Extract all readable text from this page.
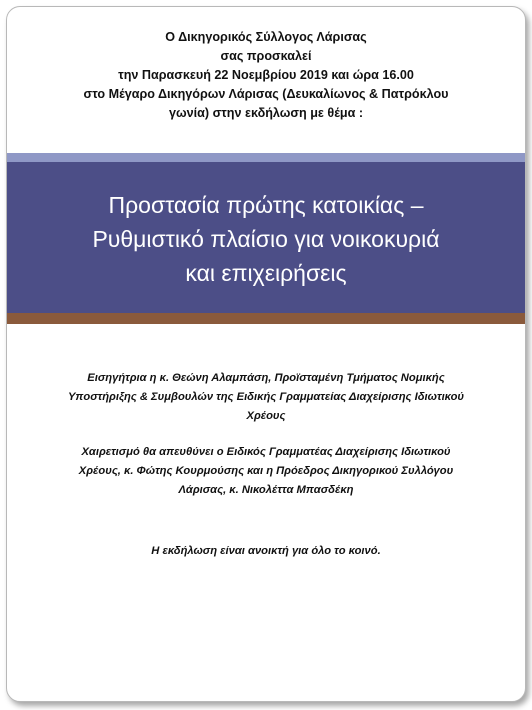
Ο Δικηγορικός Σύλλογος Λάρισας
σας προσκαλεί
την Παρασκευή 22 Νοεμβρίου 2019 και ώρα 16.00
στο Μέγαρο Δικηγόρων Λάρισας (Δευκαλίωνος & Πατρόκλου
γωνία) στην εκδήλωση με θέμα :
Προστασία πρώτης κατοικίας –
Ρυθμιστικό πλαίσιο για νοικοκυριά
και επιχειρήσεις
Εισηγήτρια η κ. Θεώνη Αλαμπάση, Προϊσταμένη Τμήματος Νομικής
Υποστήριξης & Συμβουλών της Ειδικής Γραμματείας Διαχείρισης Ιδιωτικού
Χρέους
Χαιρετισμό θα απευθύνει ο Ειδικός Γραμματέας Διαχείρισης Ιδιωτικού
Χρέους, κ. Φώτης Κουρμούσης και η Πρόεδρος Δικηγορικού Συλλόγου
Λάρισας, κ. Νικολέττα Μπασδέκη
Η εκδήλωση είναι ανοικτή για όλο το κοινό.
